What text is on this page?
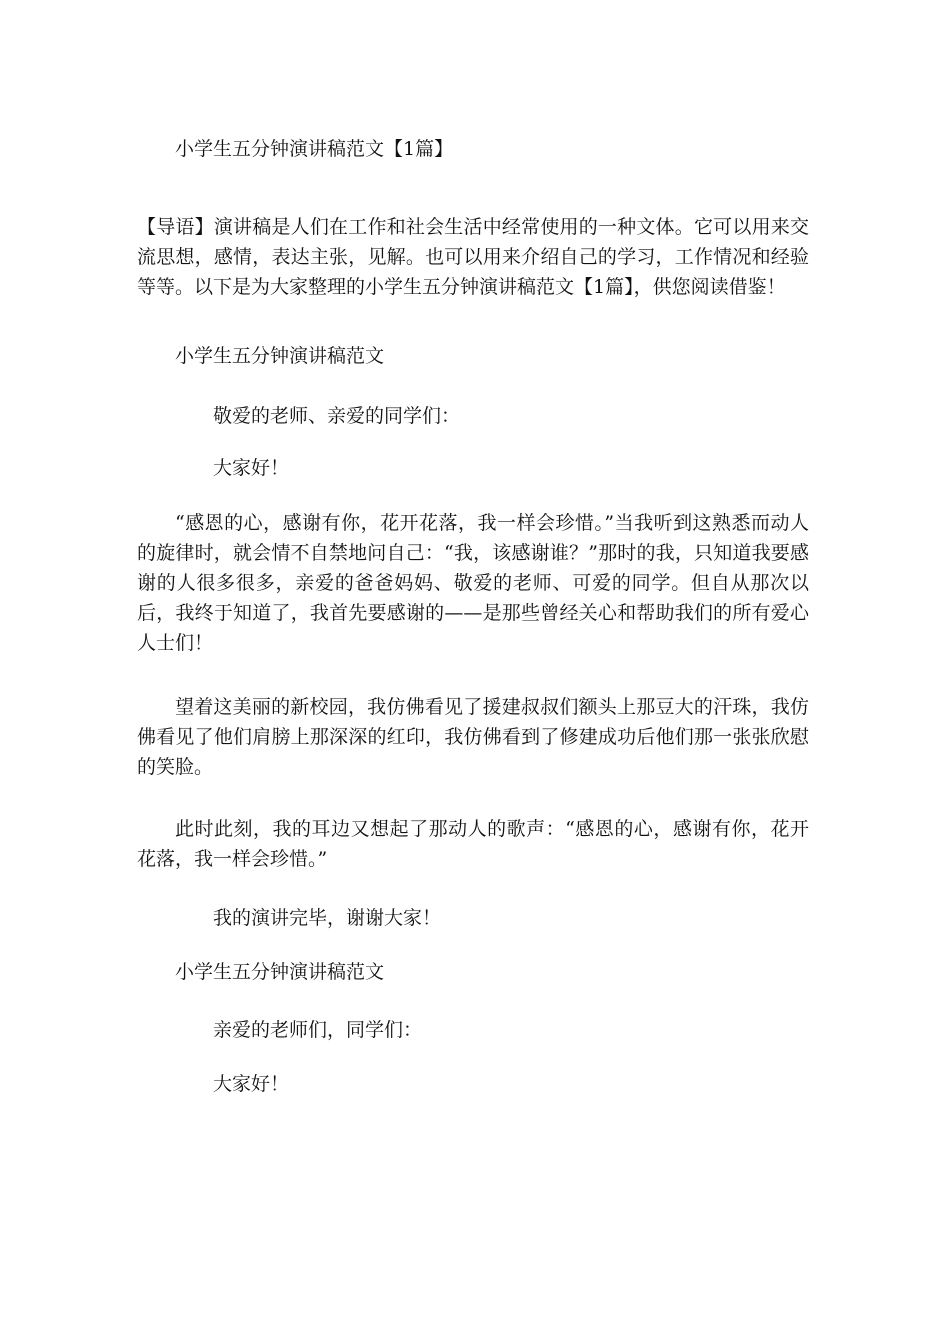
小学生五分钟演讲稿范文【1篇】
【导语】演讲稿是人们在工作和社会生活中经常使用的一种文体。它可以用来交流思想，感情，表达主张，见解。也可以用来介绍自己的学习，工作情况和经验等等。以下是为大家整理的小学生五分钟演讲稿范文【1篇】，供您阅读借鉴！
小学生五分钟演讲稿范文
敬爱的老师、亲爱的同学们：
大家好！
“感恩的心，感谢有你，花开花落，我一样会珍惜。”当我听到这熟悉而动人的旋律时，就会情不自禁地问自己：“我，该感谢谁？”那时的我，只知道我要感谢的人很多很多，亲爱的爸爸妈妈、敬爱的老师、可爱的同学。但自从那次以后，我终于知道了，我首先要感谢的——是那些曾经关心和帮助我们的所有爱心人士们！
望着这美丽的新校园，我仿佛看见了援建叔叔们额头上那豆大的汗珠，我仿佛看见了他们肩膀上那深深的红印，我仿佛看到了修建成功后他们那一张张欣慰的笑脸。
此时此刻，我的耳边又想起了那动人的歌声：“感恩的心，感谢有你，花开花落，我一样会珍惜。”
我的演讲完毕，谢谢大家！
小学生五分钟演讲稿范文
亲爱的老师们，同学们：
大家好！
